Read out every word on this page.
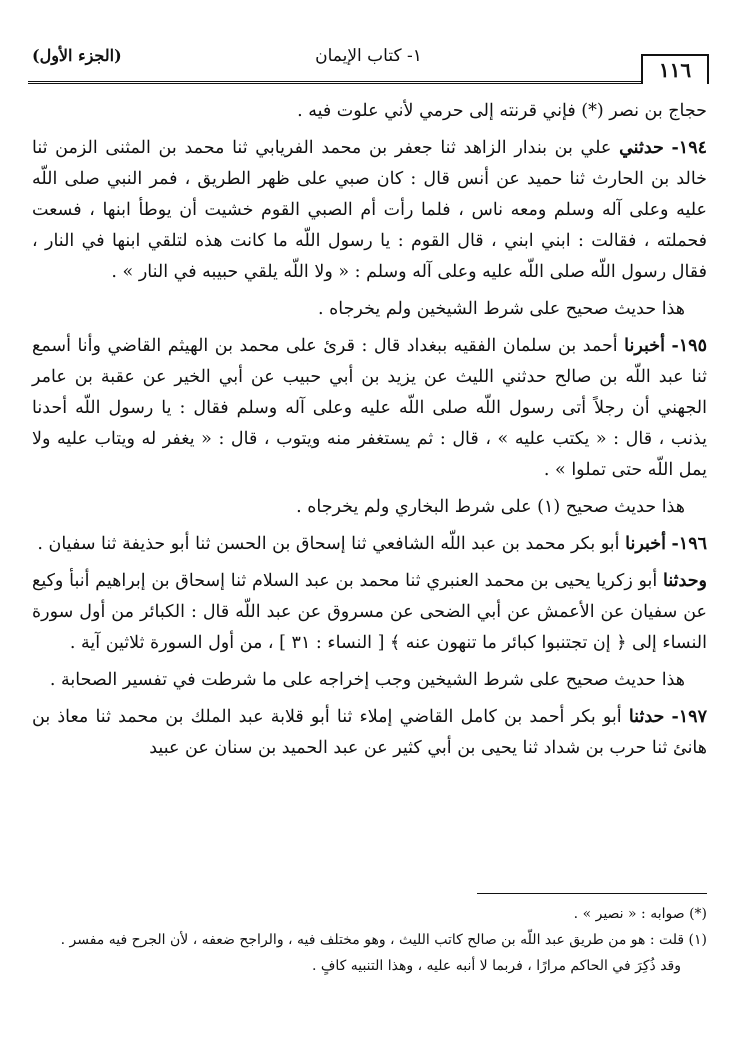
١١٦
١- كتاب الإيمان
(الجزء الأول)

حجاج بن نصر (*) فإني قرنته إلى حرمي لأني علوت فيه .

١٩٤- حدثني علي بن بندار الزاهد ثنا جعفر بن محمد الفريابي ثنا محمد بن المثنى الزمن ثنا خالد بن الحارث ثنا حميد عن أنس قال : كان صبي على ظهر الطريق ، فمر النبي صلى اللّه عليه وعلى آله وسلم ومعه ناس ، فلما رأت أم الصبي القوم خشيت أن يوطأ ابنها ، فسعت فحملته ، فقالت : ابني ابني ، قال القوم : يا رسول اللّه ما كانت هذه لتلقي ابنها في النار ، فقال رسول اللّه صلى اللّه عليه وعلى آله وسلم : « ولا اللّه يلقي حبيبه في النار » .

هذا حديث صحيح على شرط الشيخين ولم يخرجاه .

١٩٥- أخبرنا أحمد بن سلمان الفقيه ببغداد قال : قرئ على محمد بن الهيثم القاضي وأنا أسمع ثنا عبد اللّه بن صالح حدثني الليث عن يزيد بن أبي حبيب عن أبي الخير عن عقبة بن عامر الجهني أن رجلاً أتى رسول اللّه صلى اللّه عليه وعلى آله وسلم فقال : يا رسول اللّه أحدنا يذنب ، قال : « يكتب عليه » ، قال : ثم يستغفر منه ويتوب ، قال : « يغفر له ويتاب عليه ولا يمل اللّه حتى تملوا » .

هذا حديث صحيح (١) على شرط البخاري ولم يخرجاه .

١٩٦- أخبرنا أبو بكر محمد بن عبد اللّه الشافعي ثنا إسحاق بن الحسن ثنا أبو حذيفة ثنا سفيان .

وحدثنا أبو زكريا يحيى بن محمد العنبري ثنا محمد بن عبد السلام ثنا إسحاق بن إبراهيم أنبأ وكيع عن سفيان عن الأعمش عن أبي الضحى عن مسروق عن عبد اللّه قال : الكبائر من أول سورة النساء إلى ﴿ إن تجتنبوا كبائر ما تنهون عنه ﴾ [ النساء : ٣١ ] ، من أول السورة ثلاثين آية .

هذا حديث صحيح على شرط الشيخين وجب إخراجه على ما شرطت في تفسير الصحابة .

١٩٧- حدثنا أبو بكر أحمد بن كامل القاضي إملاء ثنا أبو قلابة عبد الملك بن محمد ثنا معاذ بن هانئ ثنا حرب بن شداد ثنا يحيى بن أبي كثير عن عبد الحميد بن سنان عن عبيد

(*) صوابه : « نصير » .

(١) قلت : هو من طريق عبد اللّه بن صالح كاتب الليث ، وهو مختلف فيه ، والراجح ضعفه ، لأن الجرح فيه مفسر .

وقد ذُكِرَ في الحاكم مرارًا ، فربما لا أنبه عليه ، وهذا التنبيه كافٍ .
